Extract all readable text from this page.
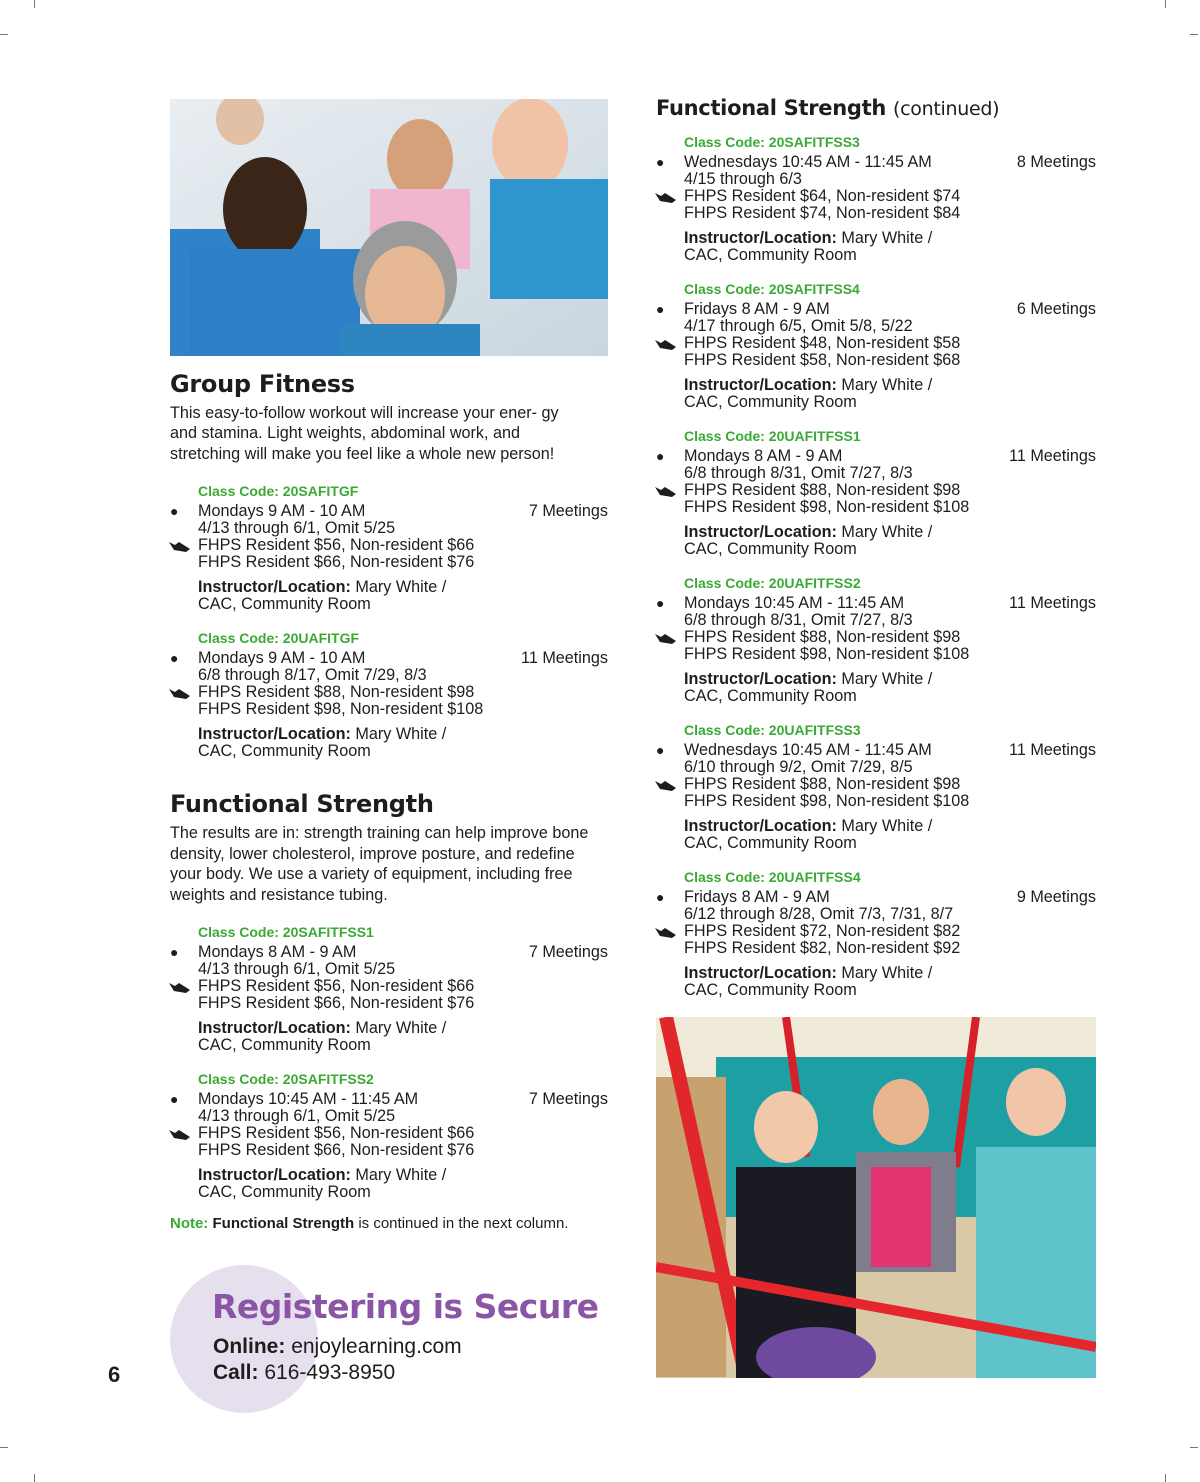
Group Fitness

This easy-to-follow workout will increase your ener- gy and stamina. Light weights, abdominal work, and stretching will make you feel like a whole new person!

Class Code: 20SAFITGF
● Mondays 9 AM - 10 AM	7 Meetings
4/13 through 6/1, Omit 5/25
FHPS Resident $56, Non-resident $66
FHPS Resident $66, Non-resident $76
Instructor/Location: Mary White /
CAC, Community Room
Class Code: 20UAFITGF
● Mondays 9 AM - 10 AM	11 Meetings
6/8 through 8/17, Omit 7/29, 8/3
FHPS Resident $88, Non-resident $98
FHPS Resident $98, Non-resident $108
Instructor/Location: Mary White /
CAC, Community Room
Functional Strength

The results are in: strength training can help improve bone density, lower cholesterol, improve posture, and redefine your body. We use a variety of equipment, including free weights and resistance tubing.

Class Code: 20SAFITFSS1
● Mondays 8 AM - 9 AM	7 Meetings
4/13 through 6/1, Omit 5/25
FHPS Resident $56, Non-resident $66
FHPS Resident $66, Non-resident $76
Instructor/Location: Mary White /
CAC, Community Room
Class Code: 20SAFITFSS2
● Mondays 10:45 AM - 11:45 AM	7 Meetings
4/13 through 6/1, Omit 5/25
FHPS Resident $56, Non-resident $66
FHPS Resident $66, Non-resident $76
Instructor/Location: Mary White /
CAC, Community Room
Note: Functional Strength is continued in the next column.
Functional Strength (continued)
Class Code: 20SAFITFSS3
● Wednesdays 10:45 AM - 11:45 AM	8 Meetings
4/15 through 6/3
FHPS Resident $64, Non-resident $74
FHPS Resident $74, Non-resident $84
Instructor/Location: Mary White /
CAC, Community Room
Class Code: 20SAFITFSS4
● Fridays 8 AM - 9 AM	6 Meetings
4/17 through 6/5, Omit 5/8, 5/22
FHPS Resident $48, Non-resident $58
FHPS Resident $58, Non-resident $68
Instructor/Location: Mary White /
CAC, Community Room
Class Code: 20UAFITFSS1
● Mondays 8 AM - 9 AM	11 Meetings
6/8 through 8/31, Omit 7/27, 8/3
FHPS Resident $88, Non-resident $98
FHPS Resident $98, Non-resident $108
Instructor/Location: Mary White /
CAC, Community Room
Class Code: 20UAFITFSS2
● Mondays 10:45 AM - 11:45 AM	11 Meetings
6/8 through 8/31, Omit 7/27, 8/3
FHPS Resident $88, Non-resident $98
FHPS Resident $98, Non-resident $108
Instructor/Location: Mary White /
CAC, Community Room
Class Code: 20UAFITFSS3
● Wednesdays 10:45 AM - 11:45 AM	11 Meetings
6/10 through 9/2, Omit 7/29, 8/5
FHPS Resident $88, Non-resident $98
FHPS Resident $98, Non-resident $108
Instructor/Location: Mary White /
CAC, Community Room
Class Code: 20UAFITFSS4
● Fridays 8 AM - 9 AM	9 Meetings
6/12 through 8/28, Omit 7/3, 7/31, 8/7
FHPS Resident $72, Non-resident $82
FHPS Resident $82, Non-resident $92
Instructor/Location: Mary White /
CAC, Community Room
Registering is Secure
Online: enjoylearning.com
Call: 616-493-8950
6
